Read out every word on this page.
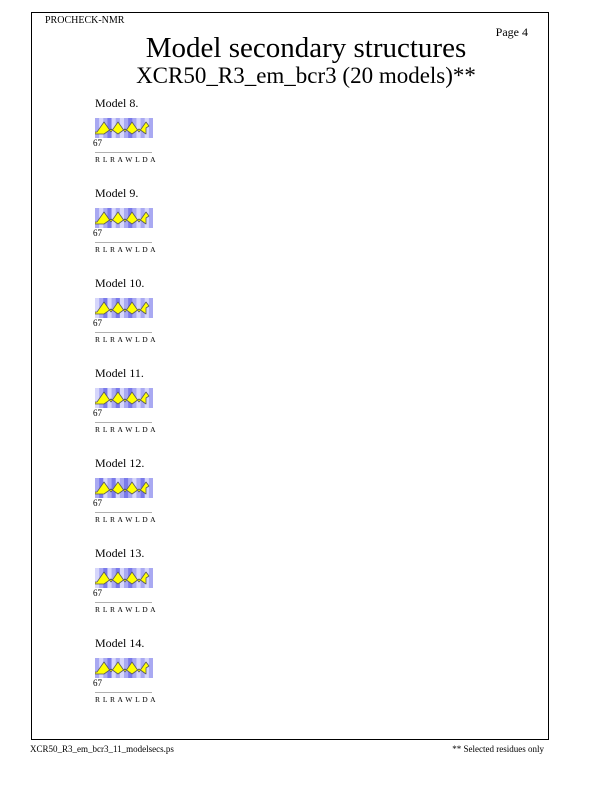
PROCHECK-NMR
Page 4
Model secondary structures
XCR50_R3_em_bcr3 (20 models)**
Model 8.
67
R L R A W L D A
Model 9.
67
R L R A W L D A
Model 10.
67
R L R A W L D A
Model 11.
67
R L R A W L D A
Model 12.
67
R L R A W L D A
Model 13.
67
R L R A W L D A
Model 14.
67
R L R A W L D A
XCR50_R3_em_bcr3_11_modelsecs.ps	** Selected residues only
